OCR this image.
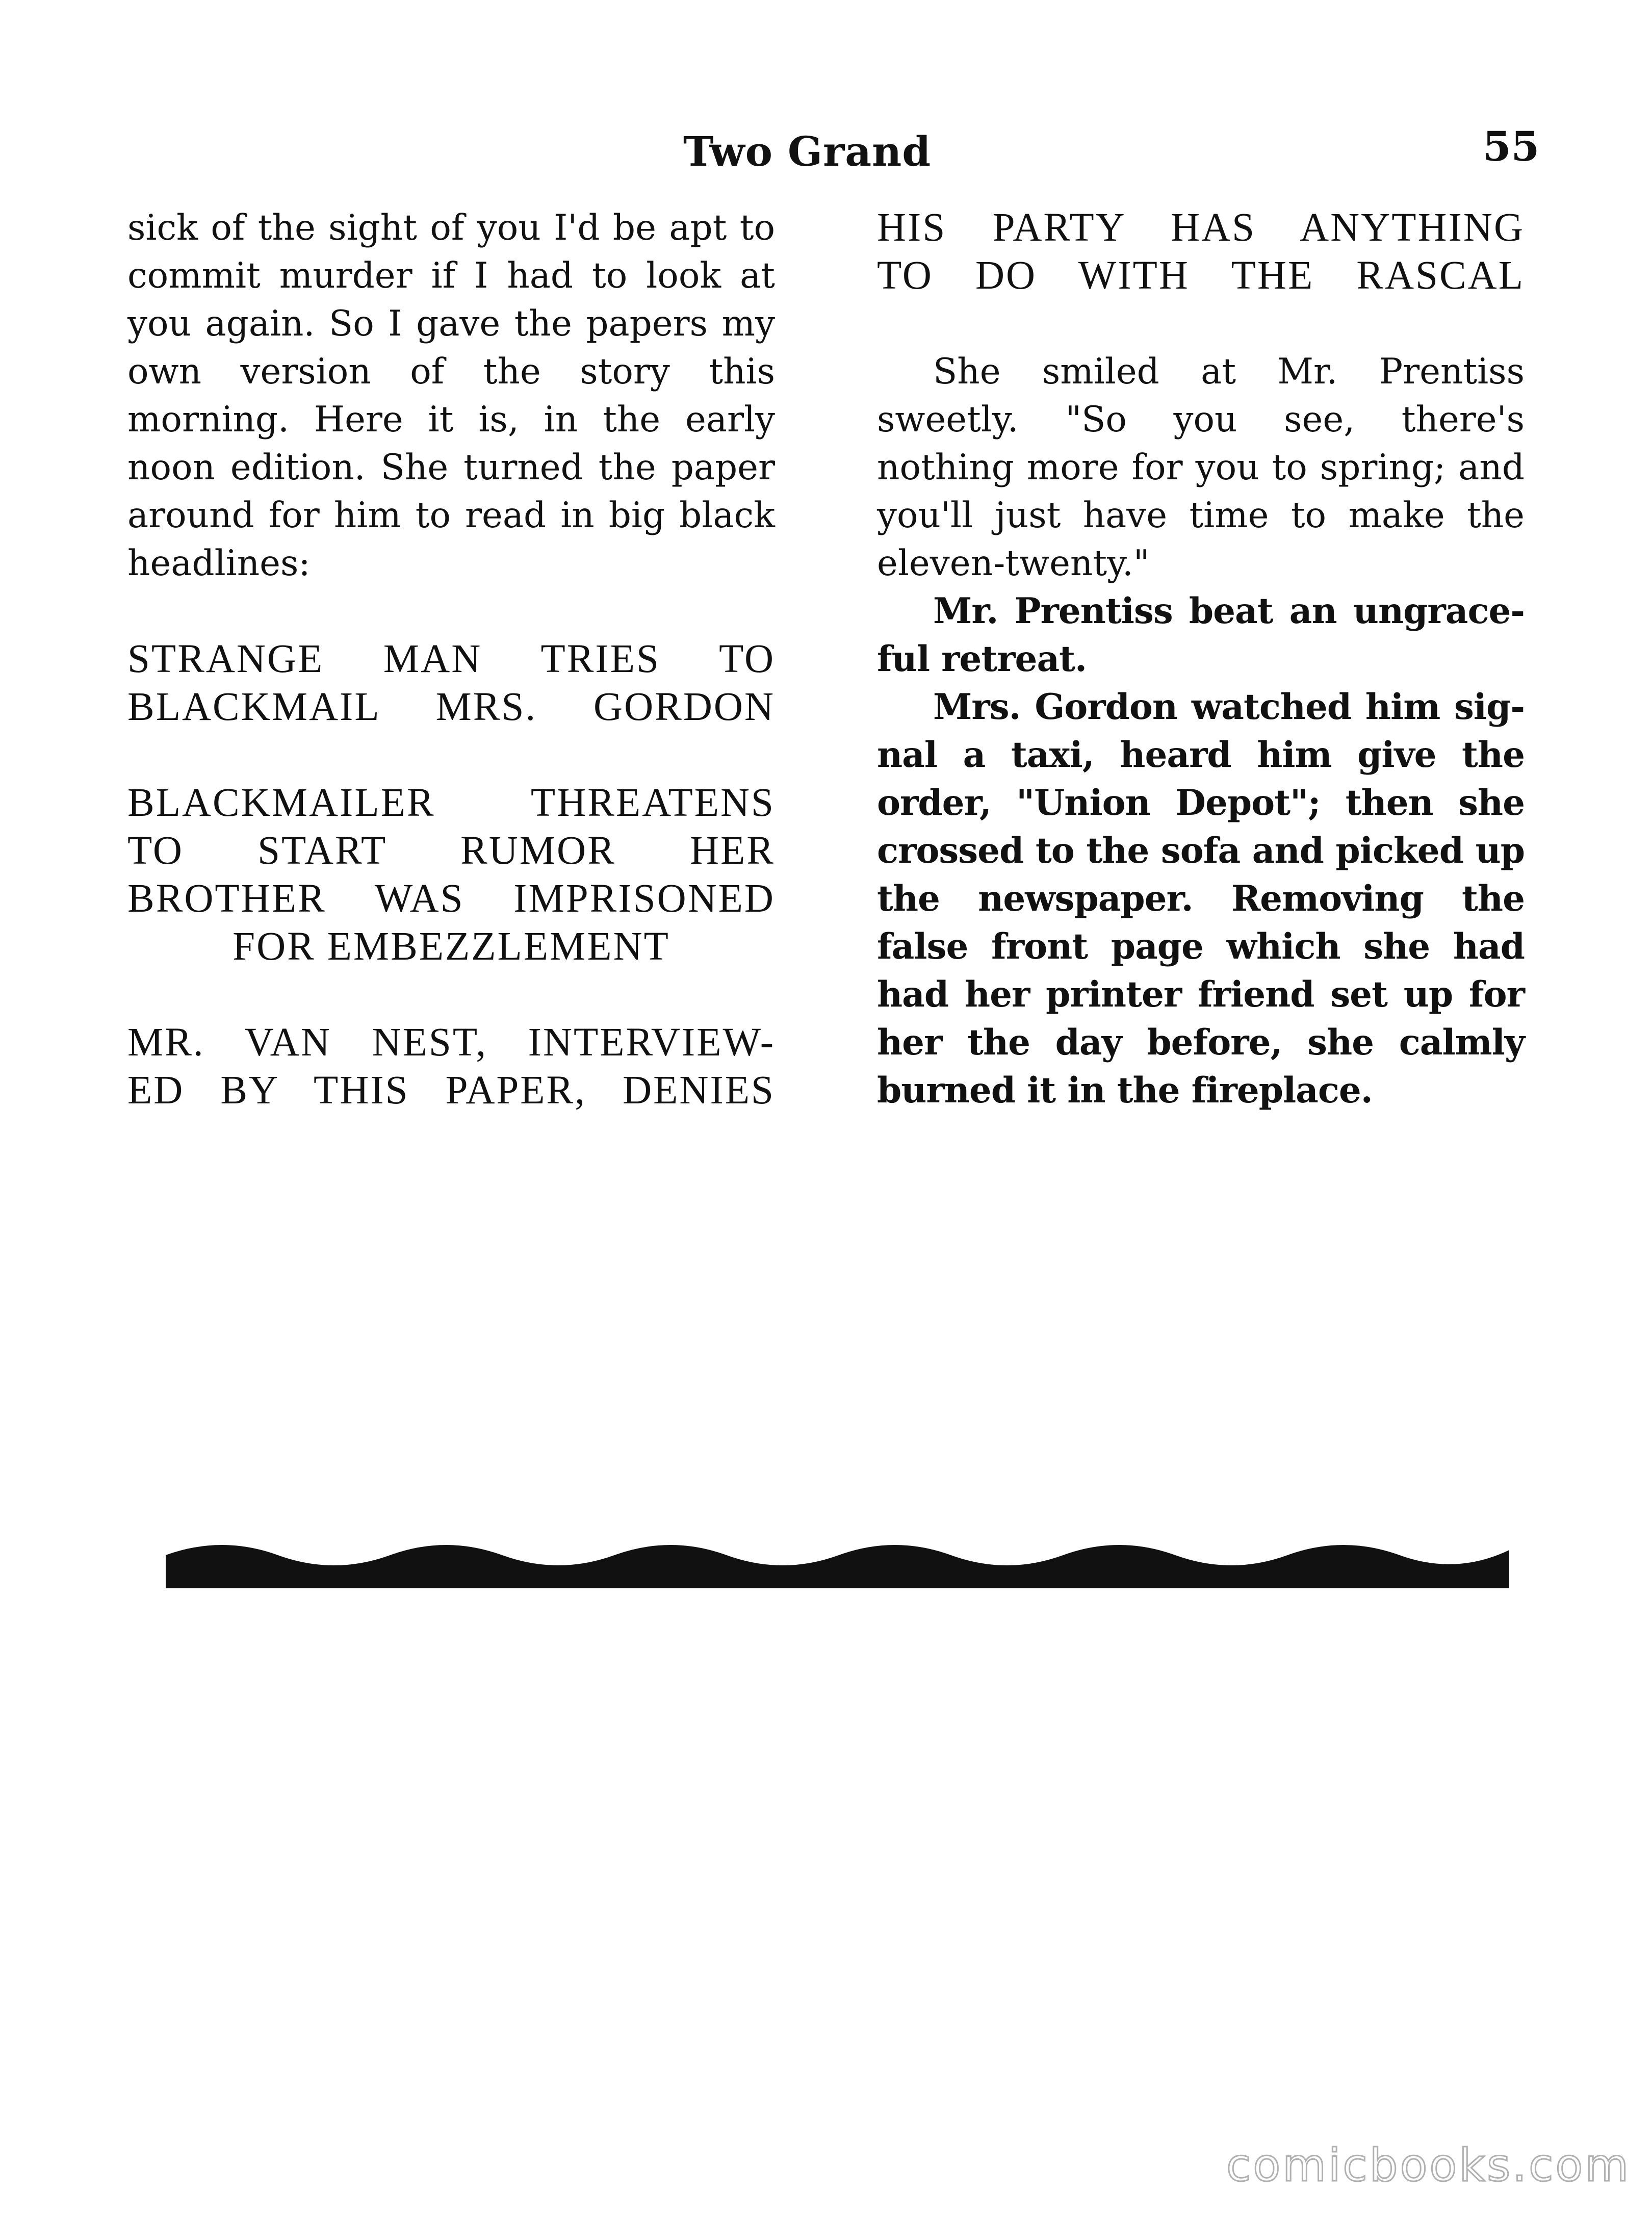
Two Grand	55

sick of the sight of you I'd be apt to commit murder if I had to look at you again. So I gave the papers my own version of the story this morning. Here it is, in the early noon edition. She turned the paper around for him to read in big black headlines:

STRANGE MAN TRIES TO

BLACKMAIL MRS. GORDON

BLACKMAILER THREATENS

TO START RUMOR HER

BROTHER WAS IMPRISONED

FOR EMBEZZLEMENT

MR. VAN NEST, INTERVIEW-

ED BY THIS PAPER, DENIES

HIS PARTY HAS ANYTHING

TO DO WITH THE RASCAL

She smiled at Mr. Prentiss sweetly. "So you see, there's nothing more for you to spring; and you'll just have time to make the eleven-twenty."

Mr. Prentiss beat an ungrace-ful retreat.

Mrs. Gordon watched him sig-nal a taxi, heard him give the order, "Union Depot"; then she crossed to the sofa and picked up the newspaper. Removing the false front page which she had had her printer friend set up for her the day before, she calmly burned it in the fireplace.

comicbooks.com
